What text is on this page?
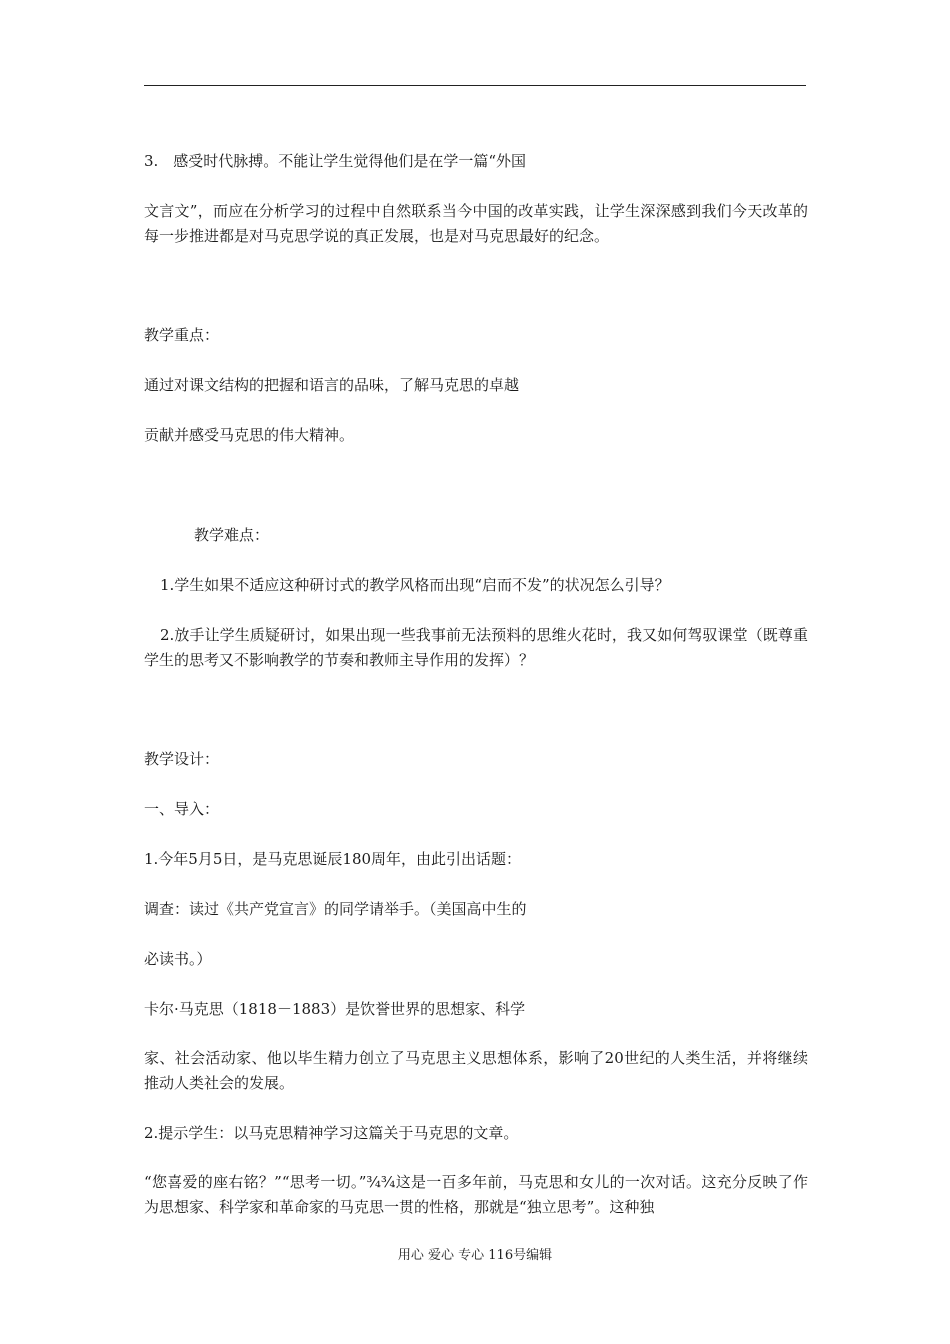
3.　感受时代脉搏。不能让学生觉得他们是在学一篇“外国
文言文”，而应在分析学习的过程中自然联系当今中国的改革实践，让学生深深感到我们今天改革的每一步推进都是对马克思学说的真正发展，也是对马克思最好的纪念。
教学重点：
通过对课文结构的把握和语言的品味，了解马克思的卓越
贡献并感受马克思的伟大精神。
教学难点：
1.学生如果不适应这种研讨式的教学风格而出现“启而不发”的状况怎么引导？
2.放手让学生质疑研讨，如果出现一些我事前无法预料的思维火花时，我又如何驾驭课堂（既尊重学生的思考又不影响教学的节奏和教师主导作用的发挥）？
教学设计：
一、导入：
1.今年5月5日，是马克思诞辰180周年，由此引出话题：
调查：读过《共产党宣言》的同学请举手。（美国高中生的
必读书。）
卡尔·马克思（1818－1883）是饮誉世界的思想家、科学
家、社会活动家、他以毕生精力创立了马克思主义思想体系，影响了20世纪的人类生活，并将继续推动人类社会的发展。
2.提示学生：以马克思精神学习这篇关于马克思的文章。
“您喜爱的座右铭？”“思考一切。”¾¾这是一百多年前，马克思和女儿的一次对话。这充分反映了作为思想家、科学家和革命家的马克思一贯的性格，那就是“独立思考”。这种独
用心 爱心 专心 116号编辑
